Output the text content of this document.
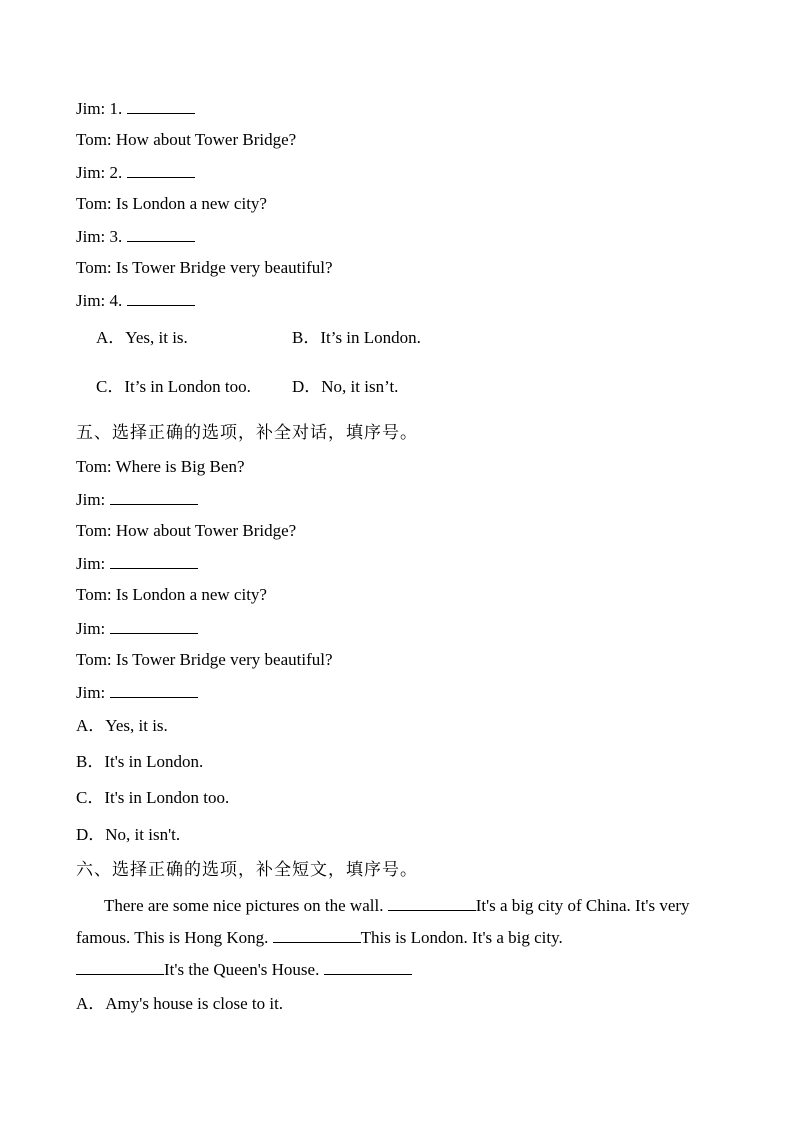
Jim: 1.
Tom: How about Tower Bridge?
Jim: 2.
Tom: Is London a new city?
Jim: 3.
Tom: Is Tower Bridge very beautiful?
Jim: 4.
A．Yes, it is.	B．It’s in London.
C．It’s in London too. D．No, it isn’t.
五、选择正确的选项，补全对话，填序号。
Tom: Where is Big Ben?
Jim:
Tom: How about Tower Bridge?
Jim:
Tom: Is London a new city?
Jim:
Tom: Is Tower Bridge very beautiful?
Jim:
A．Yes, it is.
B．It's in London.
C．It's in London too.
D．No, it isn't.
六、选择正确的选项，补全短文，填序号。
There are some nice pictures on the wall.	It's a big city of China. It's very famous. This is Hong Kong.	This is London. It's a big city.
It's the Queen's House.
A．Amy's house is close to it.
